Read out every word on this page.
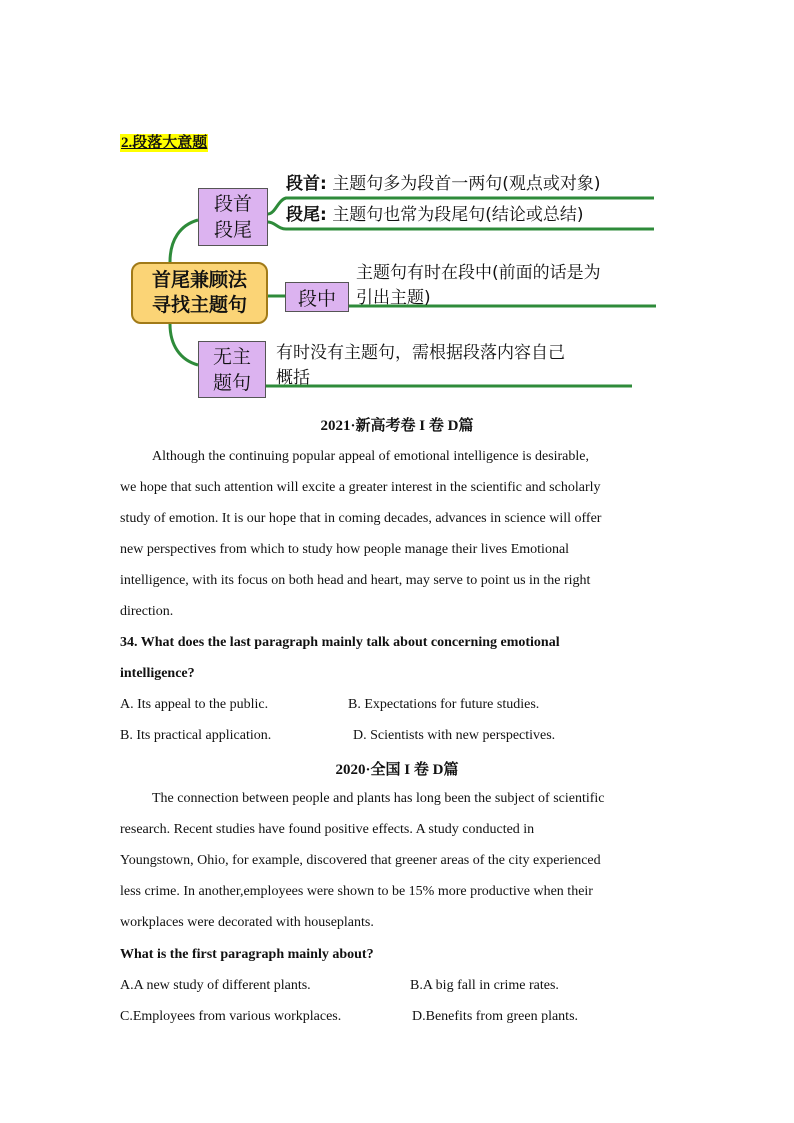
2.段落大意题
首尾兼顾法
寻找主题句
段首
段尾
段中
无主
题句
段首: 主题句多为段首一两句(观点或对象)
段尾: 主题句也常为段尾句(结论或总结)
主题句有时在段中(前面的话是为
引出主题)
有时没有主题句，需根据段落内容自己
概括
2021·新高考卷 I 卷 D篇
Although the continuing popular appeal of emotional intelligence is desirable,
we hope that such attention will excite a greater interest in the scientific and scholarly
study of emotion. It is our hope that in coming decades, advances in science will offer
new perspectives from which to study how people manage their lives Emotional
intelligence, with its focus on both head and heart, may serve to point us in the right
direction.
34. What does the last paragraph mainly talk about concerning emotional
intelligence?
A. Its appeal to the public.	B. Expectations for future studies.
B. Its practical application.	D. Scientists with new perspectives.
2020·全国 I 卷 D篇
The connection between people and plants has long been the subject of scientific
research. Recent studies have found positive effects. A study conducted in
Youngstown, Ohio, for example, discovered that greener areas of the city experienced
less crime. In another,employees were shown to be 15% more productive when their
workplaces were decorated with houseplants.
What is the first paragraph mainly about?
A.A new study of different plants.	B.A big fall in crime rates.
C.Employees from various workplaces.	D.Benefits from green plants.
